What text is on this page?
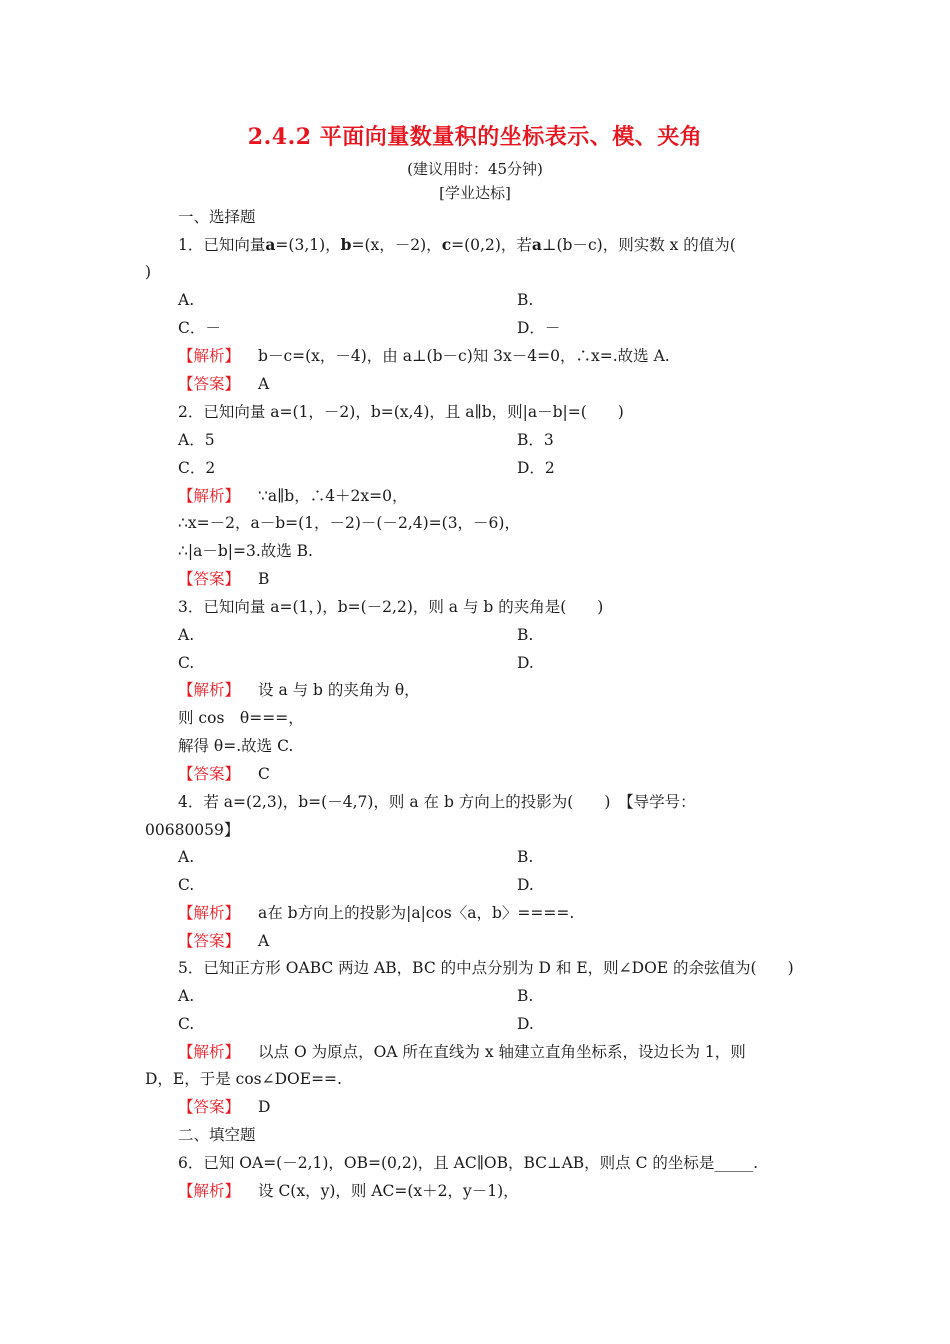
2.4.2 平面向量数量积的坐标表示、模、夹角
(建议用时：45分钟)
[学业达标]
一、选择题
1．已知向量a=(3,1)，b=(x，－2)，c=(0,2)，若a⊥(b－c)，则实数 x 的值为(
)
A.	B.
C．－	D．－
【解析】 b－c=(x，－4)，由 a⊥(b－c)知 3x－4=0，∴x=.故选 A.
【答案】 A
2．已知向量 a=(1，－2)，b=(x,4)，且 a∥b，则|a－b|=(　　)
A．5	B．3
C．2	D．2
【解析】 ∵a∥b，∴4＋2x=0，
∴x=－2，a－b=(1，－2)－(－2,4)=(3，－6)，
∴|a－b|=3.故选 B.
【答案】 B
3．已知向量 a=(1，)，b=(－2,2)，则 a 与 b 的夹角是(　　)
A.	B.
C.	D.
【解析】 设 a 与 b 的夹角为 θ，
则 cos　θ===，
解得 θ=.故选 C.
【答案】 C
4．若 a=(2,3)，b=(－4,7)，则 a 在 b 方向上的投影为(　　)　【导学号：
00680059】
A.	B.
C.	D.
【解析】 a在 b方向上的投影为|a|cos〈a，b〉====.
【答案】 A
5．已知正方形 OABC 两边 AB，BC 的中点分别为 D 和 E，则∠DOE 的余弦值为(　　)
A.	B.
C.	D.
【解析】 以点 O 为原点，OA 所在直线为 x 轴建立直角坐标系，设边长为 1，则
D，E，于是 cos∠DOE==.
【答案】 D
二、填空题
6．已知 OA=(－2,1)，OB=(0,2)，且 AC∥OB，BC⊥AB，则点 C 的坐标是_____.
【解析】 设 C(x，y)，则 AC=(x＋2，y－1)，
